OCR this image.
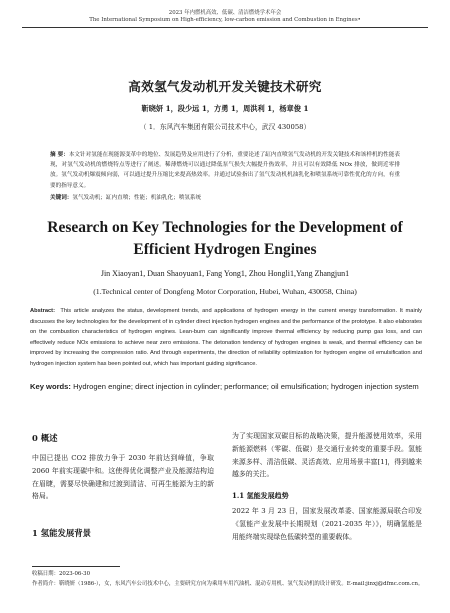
2023 年内燃机高效、低碳、清洁燃烧学术年会
The International Symposium on High-efficiency, low-carbon emission and Combustion in Engines•
高效氢气发动机开发关键技术研究
靳晓妍 1，段少远 1，方勇 1，周洪利 1，杨章俊 1
（ 1．东风汽车集团有限公司技术中心，武汉 430058）
摘 要：本文针对氢能在现能源变革中的地位、发展趋势及应用进行了分析，重要论述了缸内直喷氢气发动机的开发关键技术和该样机的性能表现，对氢气发动机的燃烧特点等进行了阐述。稀薄燃烧可以通过降低泵气损失大幅提升热效率，并且可以有效降低 NOx 排放，做到近零排放。氢气发动机爆震倾向弱，可以通过提升压缩比来提高热效率。并通过试验指出了氢气发动机机油乳化和喷氢系统可靠性优化的方向，有重要的指导意义。
关键词：氢气发动机；缸内直喷；性能；机油乳化；喷氢系统
Research on Key Technologies for the Development of
Efficient Hydrogen Engines
Jin Xiaoyan1, Duan Shaoyuan1, Fang Yong1, Zhou Hongli1,Yang Zhangjun1
(1.Technical center of Dongfeng Motor Corporation, Hubei, Wuhan, 430058, China)
Abstract: This article analyzes the status, development trends, and applications of hydrogen energy in the current energy transformation. It mainly discusses the key technologies for the development of in cylinder direct injection hydrogen engines and the performance of the prototype. It also elaborates on the combustion characteristics of hydrogen engines. Lean-burn can significantly improve thermal efficiency by reducing pump gas loss, and can effectively reduce NOx emissions to achieve near zero emissions. The detonation tendency of hydrogen engines is weak, and thermal efficiency can be improved by increasing the compression ratio. And through experiments, the direction of reliability optimization for hydrogen engine oil emulsification and hydrogen injection system has been pointed out, which has important guiding significance.
Key words: Hydrogen engine; direct injection in cylinder; performance; oil emulsification; hydrogen injection system
0 概述
中国已提出 CO2 排放力争于 2030 年前达到峰值，争取 2060 年前实现碳中和。这使得优化调整产业及能源结构迫在眉睫，需要尽快确建和过渡到清洁、可再生能源为主的新格局。
1 氢能发展背景
为了实现国家双碳目标的战略决策，提升能源使用效率，采用新能源燃料（零碳、低碳）是交通行业转变的重要手段。氢能来源多样、清洁低碳、灵活高效、应用场景丰富[1]，得到越来越多的关注。
1.1 氢能发展趋势
2022 年 3 月 23 日，国家发展改革委、国家能源局联合印发《氢能产业发展中长期规划（2021-2035 年）》，明确氢能是用能终端实现绿色低碳转型的重要载体。
收稿日期：2023-06-30
作者简介：靳晓妍（1986-），女，东风汽车公司技术中心，主要研究方向为乘用车用汽油机、混动专用机、氢气发动机的设计研发。E-mail:jinxj@dfmc.com.cn。
